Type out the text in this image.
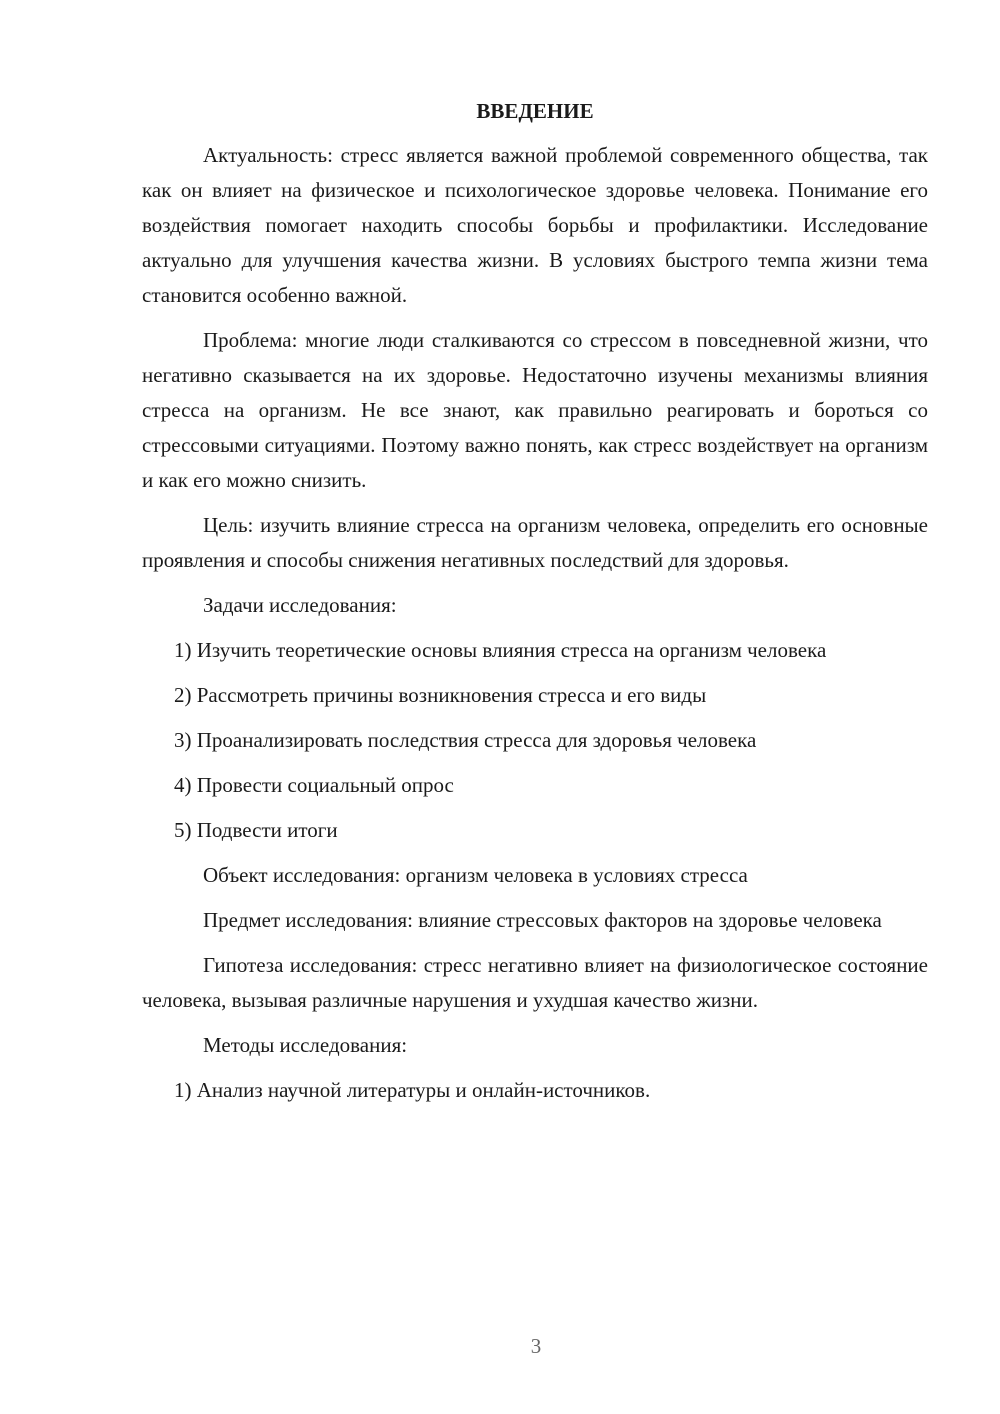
ВВЕДЕНИЕ

Актуальность: стресс является важной проблемой современного общества, так как он влияет на физическое и психологическое здоровье человека. Понимание его воздействия помогает находить способы борьбы и профилактики. Исследование актуально для улучшения качества жизни. В условиях быстрого темпа жизни тема становится особенно важной.

Проблема: многие люди сталкиваются со стрессом в повседневной жизни, что негативно сказывается на их здоровье. Недостаточно изучены механизмы влияния стресса на организм. Не все знают, как правильно реагировать и бороться со стрессовыми ситуациями. Поэтому важно понять, как стресс воздействует на организм и как его можно снизить.

Цель: изучить влияние стресса на организм человека, определить его основные проявления и способы снижения негативных последствий для здоровья.

Задачи исследования:

1) Изучить теоретические основы влияния стресса на организм человека

2) Рассмотреть причины возникновения стресса и его виды

3) Проанализировать последствия стресса для здоровья человека

4) Провести социальный опрос

5) Подвести итоги

Объект исследования: организм человека в условиях стресса

Предмет исследования: влияние стрессовых факторов на здоровье человека

Гипотеза исследования: стресс негативно влияет на физиологическое состояние человека, вызывая различные нарушения и ухудшая качество жизни.

Методы исследования:

1) Анализ научной литературы и онлайн-источников.

3
